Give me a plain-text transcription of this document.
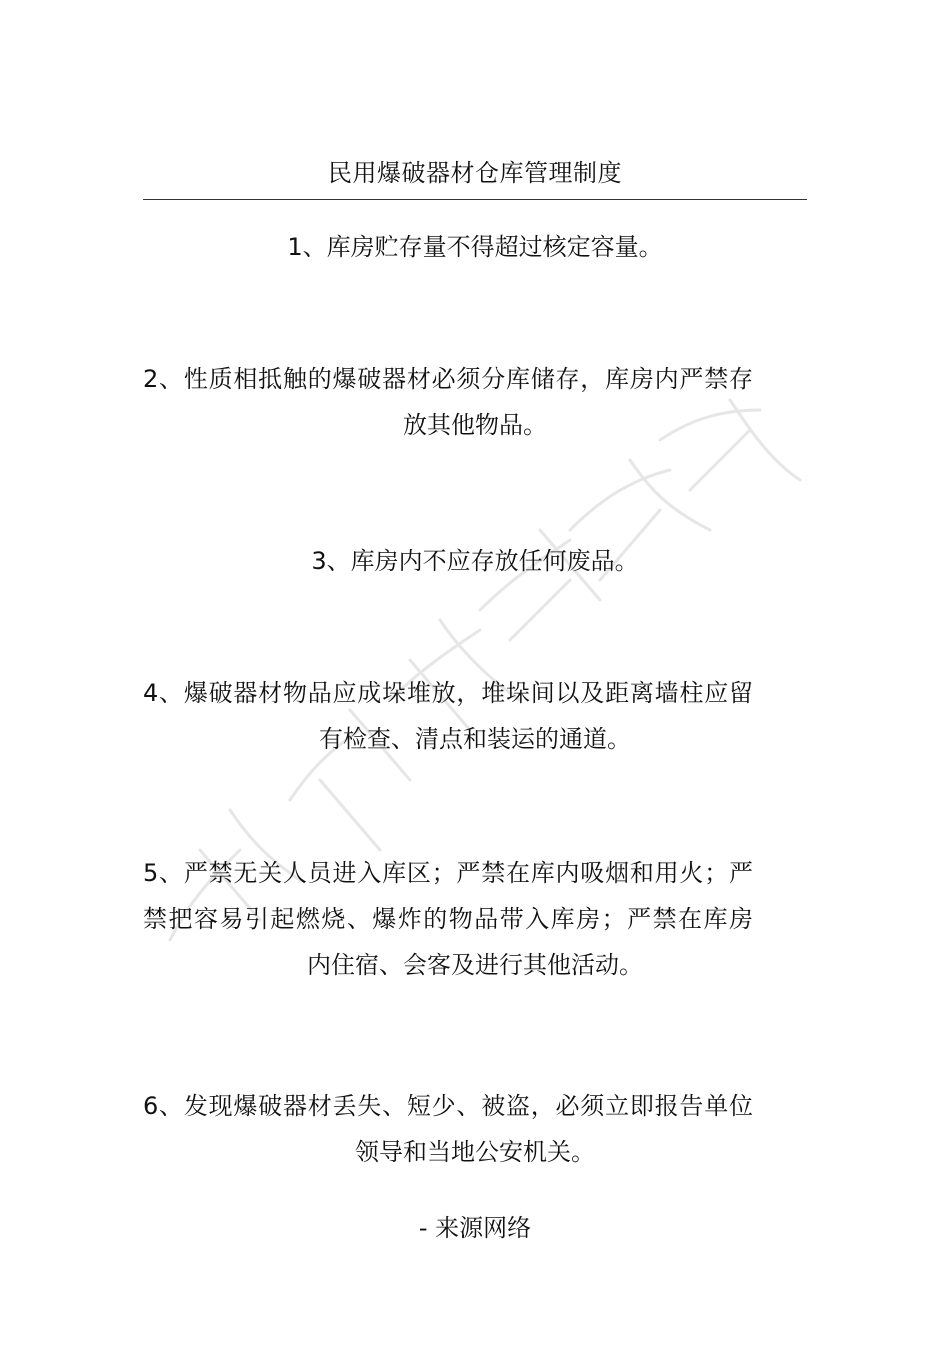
民用爆破器材仓库管理制度
1、库房贮存量不得超过核定容量。
2、性质相抵触的爆破器材必须分库储存，库房内严禁存
放其他物品。
3、库房内不应存放任何废品。
4、爆破器材物品应成垛堆放，堆垛间以及距离墙柱应留
有检查、清点和装运的通道。
5、严禁无关人员进入库区；严禁在库内吸烟和用火；严
禁把容易引起燃烧、爆炸的物品带入库房；严禁在库房
内住宿、会客及进行其他活动。
6、发现爆破器材丢失、短少、被盗，必须立即报告单位
领导和当地公安机关。
- 来源网络
